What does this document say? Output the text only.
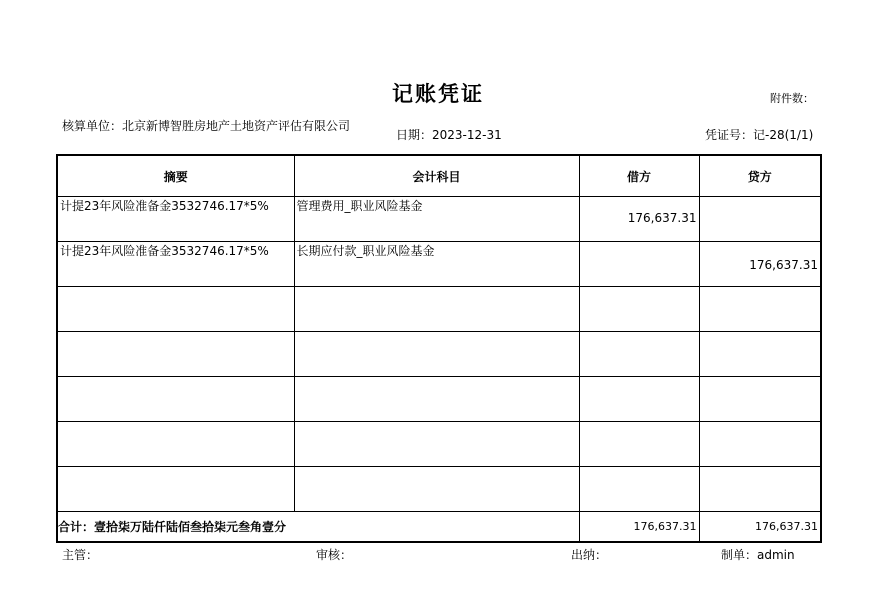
记账凭证	附件数：
核算单位：北京新博智胜房地产土地资产评估有限公司
日期：2023-12-31	凭证号：记-28(1/1)
摘要	会计科目	借方	贷方

计提23年风险准备金3532746.17*5%	管理费用_职业风险基金	176,637.31	

计提23年风险准备金3532746.17*5%	长期应付款_职业风险基金		176,637.31

合计：壹拾柒万陆仟陆佰叁拾柒元叁角壹分		176,637.31	176,637.31
主管：	审核：	出纳：	制单：admin
